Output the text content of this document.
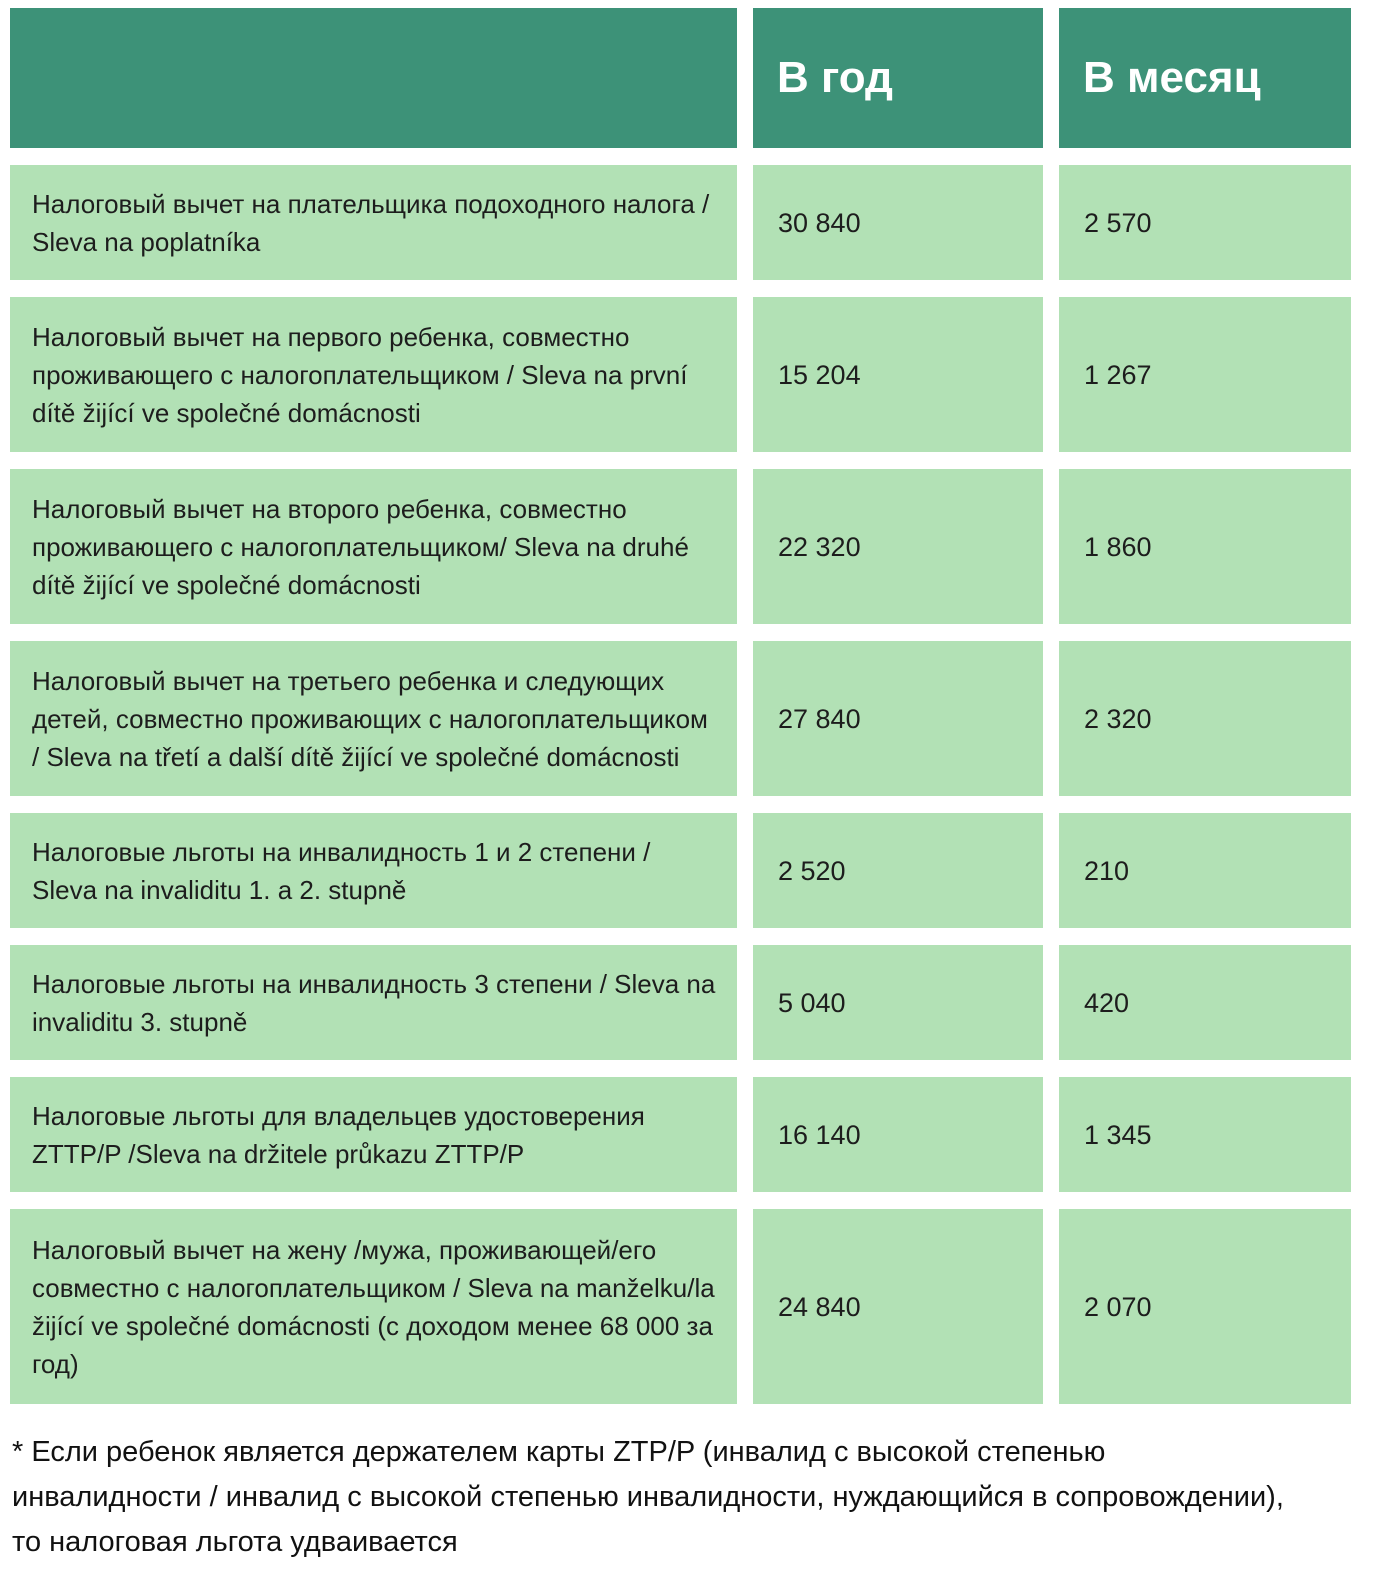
В год	В месяц
Налоговый вычет на плательщика подоходного налога / Sleva na poplatníka
30 840	2 570
Налоговый вычет на первого ребенка, совместно проживающего с налогоплательщиком / Sleva na první dítě žijící ve společné domácnosti
15 204	1 267
Налоговый вычет на второго ребенка, совместно проживающего с налогоплательщиком/ Sleva na druhé dítě žijící ve společné domácnosti
22 320	1 860
Налоговый вычет на третьего ребенка и следующих детей, совместно проживающих с налогоплательщиком / Sleva na třetí a další dítě žijící ve společné domácnosti
27 840	2 320
Налоговые льготы на инвалидность 1 и 2 степени / Sleva na invaliditu 1. a 2. stupně
2 520	210
Налоговые льготы на инвалидность 3 степени / Sleva na invaliditu 3. stupně
5 040	420
Налоговые льготы для владельцев удостоверения ZTTP/P /Sleva na držitele průkazu ZTTP/P
16 140	1 345
Налоговый вычет на жену /мужа, проживающей/его совместно с налогоплательщиком / Sleva na manželku/la žijící ve společné domácnosti (с доходом менее 68 000 за год)
24 840	2 070
* Если ребенок является держателем карты ZTP/P (инвалид с высокой степенью
инвалидности / инвалид с высокой степенью инвалидности, нуждающийся в сопровождении),
то налоговая льгота удваивается
